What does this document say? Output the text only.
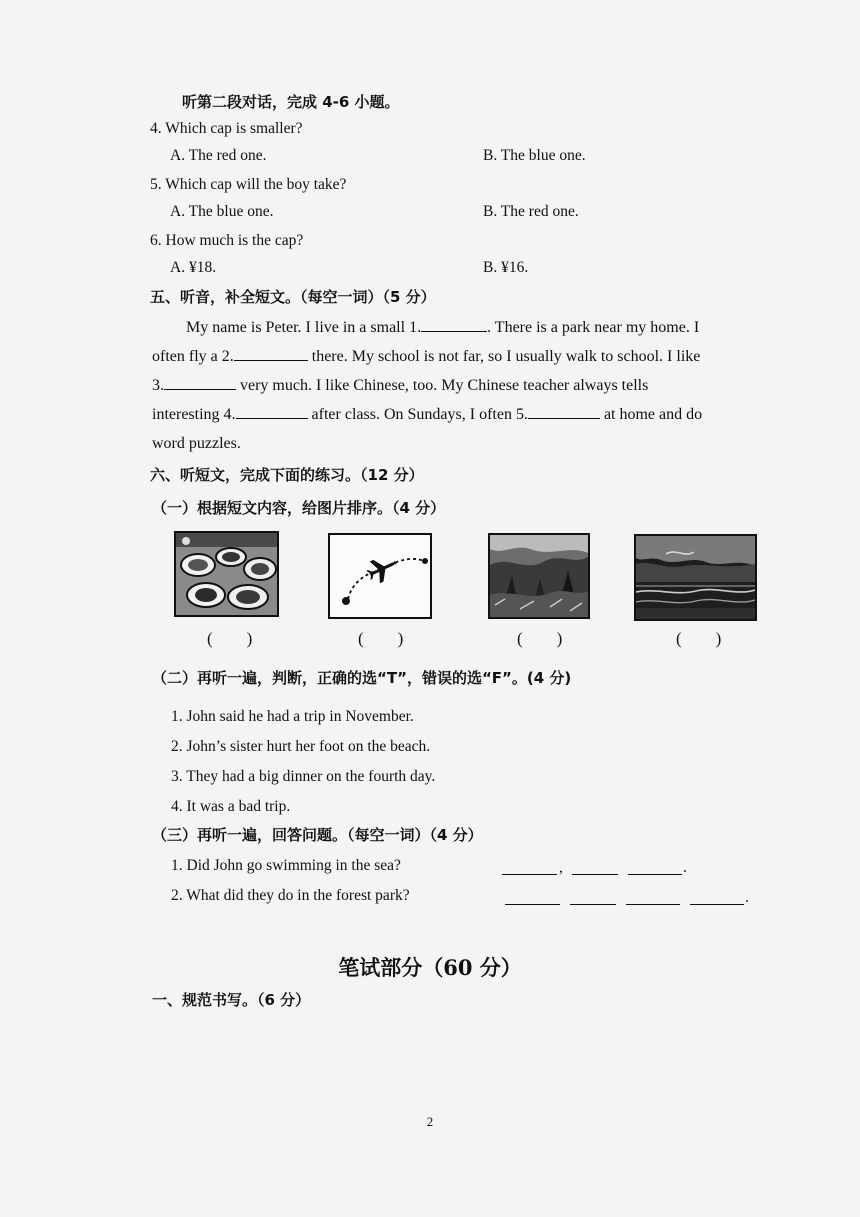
听第二段对话，完成 4-6 小题。
4. Which cap is smaller?
A. The red one.	B. The blue one.
5. Which cap will the boy take?
A. The blue one.	B. The red one.
6. How much is the cap?
A. ¥18.	B. ¥16.
五、听音，补全短文。（每空一词）（5 分）
My name is Peter. I live in a small 1.	. There is a park near my home. I
often fly a 2.	there. My school is not far, so I usually walk to school. I like
3.	very much. I like Chinese, too. My Chinese teacher always tells
interesting 4.	after class. On Sundays, I often 5.	at home and do
word puzzles.
六、听短文，完成下面的练习。（12 分）
（一）根据短文内容，给图片排序。（4 分）
(　　)	(　　)	(　　)	(　　)
（二）再听一遍，判断，正确的选“T”，错误的选“F”。(4 分)
1. John said he had a trip in November.
2. John’s sister hurt her foot on the beach.
3. They had a big dinner on the fourth day.
4. It was a bad trip.
（三）再听一遍，回答问题。（每空一词）（4 分）
1. Did John go swimming in the sea?	,	.
2. What did they do in the forest park?	.
笔试部分（60 分）
一、规范书写。（6 分）
2
